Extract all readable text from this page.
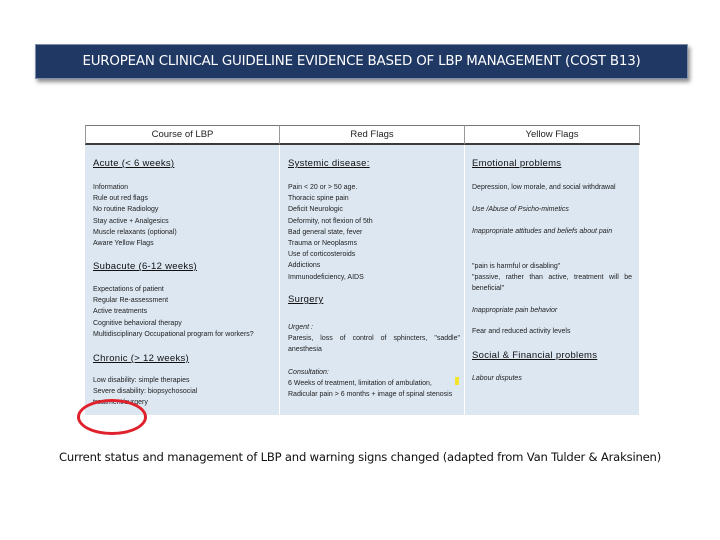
EUROPEAN CLINICAL GUIDELINE EVIDENCE BASED OF LBP MANAGEMENT (COST B13)
Course of LBP	Red Flags	Yellow Flags
Acute (< 6 weeks)
Information
Rule out red flags
No routine Radiology
Stay active + Analgesics
Muscle relaxants (optional)
Aware Yellow Flags
Subacute (6-12 weeks)
Expectations of patient
Regular Re-assessment
Active treatments
Cognitive behavioral therapy
Multidisciplinary Occupational program for workers?
Chronic (> 12 weeks)
Low disability: simple therapies
Severe disability: biopsychosocial
treatment/surgery
Systemic disease:
Pain < 20 or > 50 age.
Thoracic spine pain
Deficit Neurologic
Deformity, not flexion of 5th
Bad general state, fever
Trauma or Neoplasms
Use of corticosteroids
Addictions
Immunodeficiency, AIDS
Surgery
Urgent :
Paresis, loss of control of sphincters, "saddle" anesthesia
Consultation:
6 Weeks of treatment, limitation of ambulation,
Radicular pain > 6 months + image of spinal stenosis
Emotional problems
Depression, low morale, and social withdrawal
Use /Abuse of Psicho-mimetics
Inappropriate attitudes and beliefs about pain
"pain is harmful or disabling"
"passive, rather than active, treatment will be beneficial"
Inappropriate pain behavior
Fear and reduced activity levels
Social & Financial problems
Labour disputes
Current status and management of LBP and warning signs changed (adapted from Van Tulder & Araksinen)
